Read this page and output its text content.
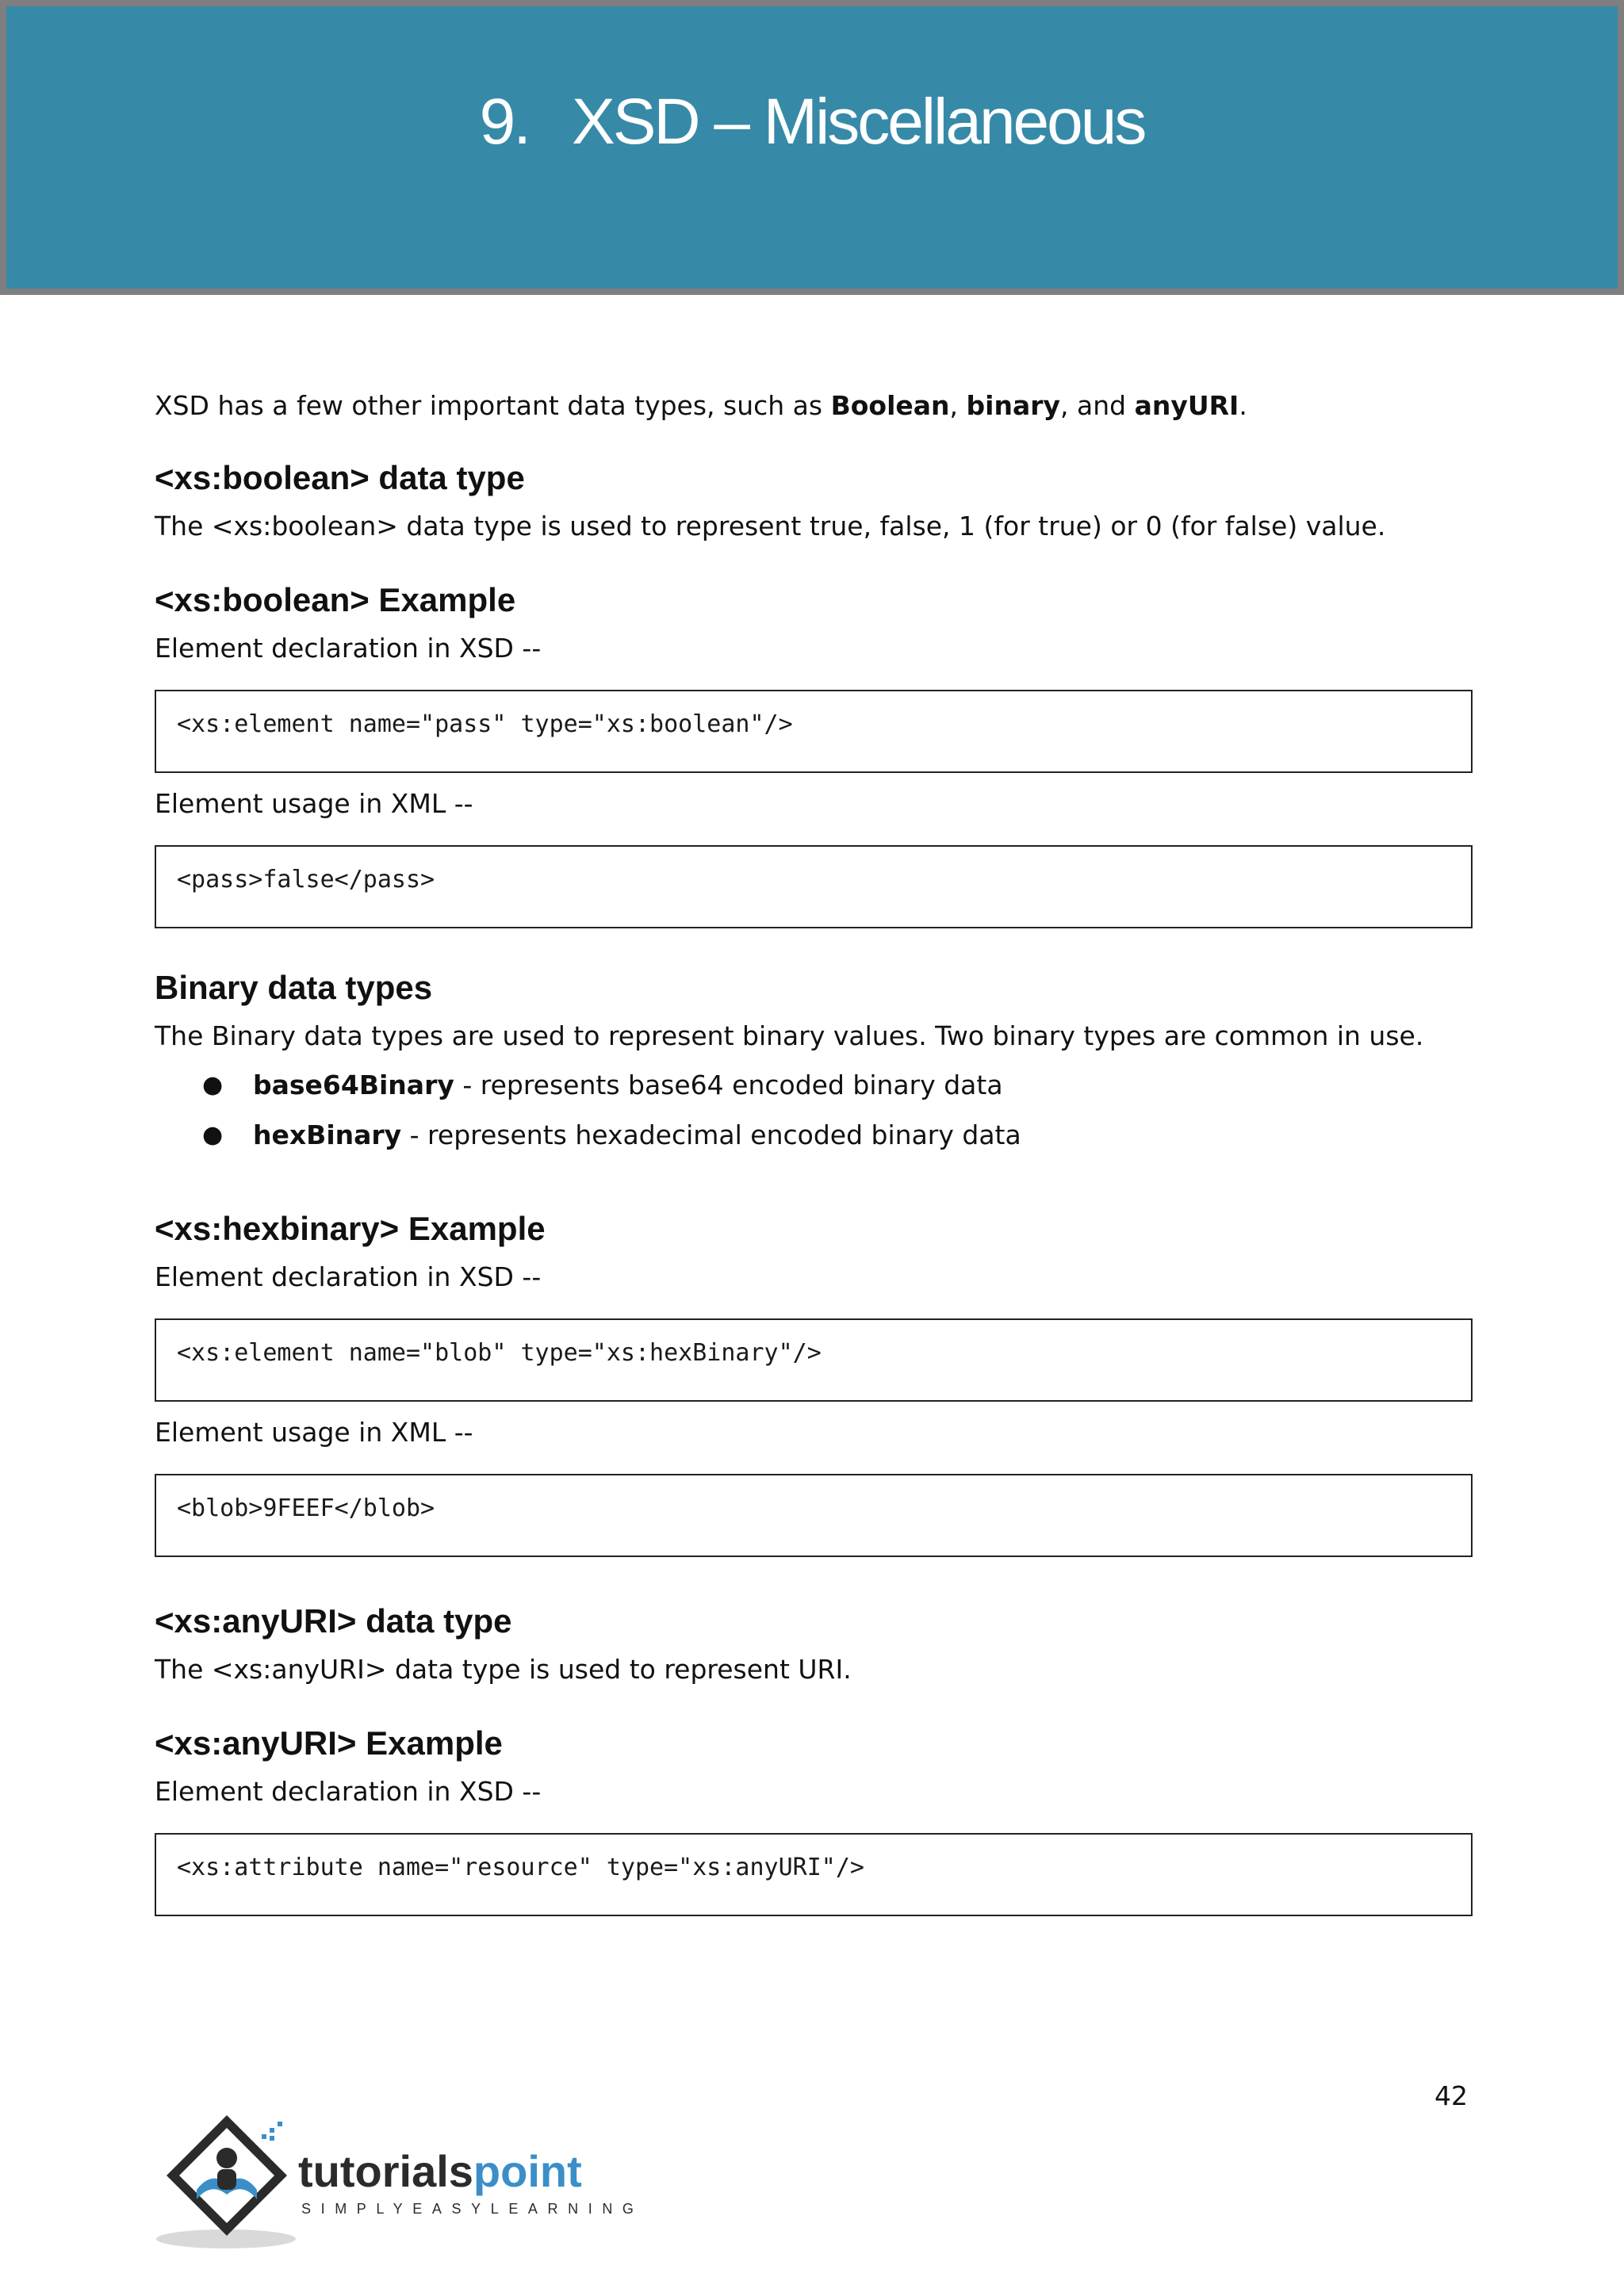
9. XSD – Miscellaneous

XSD has a few other important data types, such as Boolean, binary, and anyURI.

<xs:boolean> data type

The <xs:boolean> data type is used to represent true, false, 1 (for true) or 0 (for false) value.

<xs:boolean> Example

Element declaration in XSD --

<xs:element name="pass" type="xs:boolean"/>

Element usage in XML --

<pass>false</pass>
Binary data types

The Binary data types are used to represent binary values. Two binary types are common in use.

● base64Binary - represents base64 encoded binary data
● hexBinary - represents hexadecimal encoded binary data
<xs:hexbinary> Example

Element declaration in XSD --

<xs:element name="blob" type="xs:hexBinary"/>

Element usage in XML --

<blob>9FEEF</blob>
<xs:anyURI> data type

The <xs:anyURI> data type is used to represent URI.

<xs:anyURI> Example

Element declaration in XSD --

<xs:attribute name="resource" type="xs:anyURI"/>
42
tutorialspoint
SIMPLYEASYLEARNING
